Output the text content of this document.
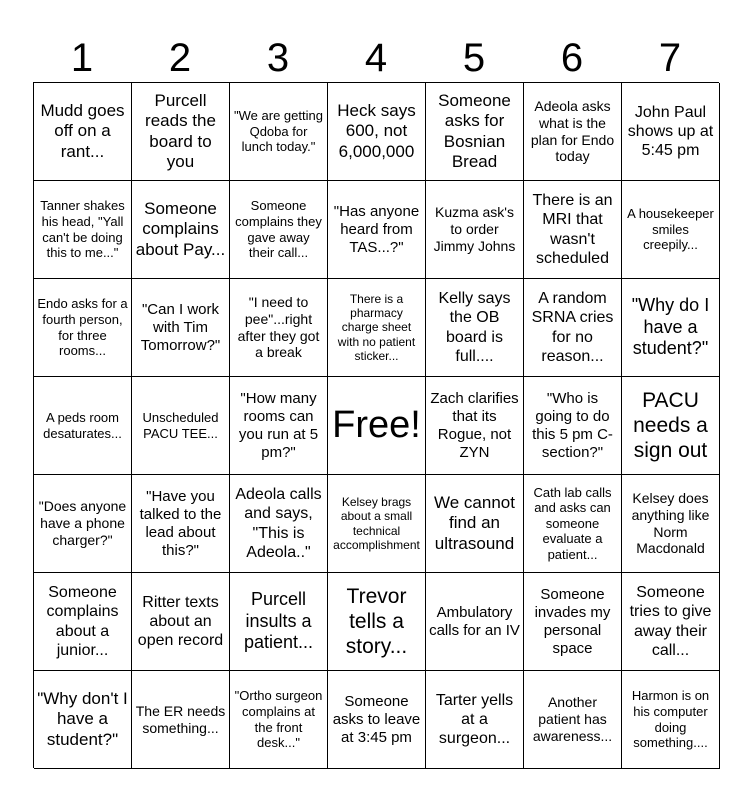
1	2	3	4	5	6	7
Mudd goes off on a rant...
Purcell reads the board to you
"We are getting Qdoba for lunch today."
Heck says 600, not 6,000,000
Someone asks for Bosnian Bread
Adeola asks what is the plan for Endo today
John Paul shows up at 5:45 pm
Tanner shakes his head, "Yall can't be doing this to me..."
Someone complains about Pay...
Someone complains they gave away their call...
"Has anyone heard from TAS...?"
Kuzma ask's to order Jimmy Johns
There is an MRI that wasn't scheduled
A housekeeper smiles creepily...
Endo asks for a fourth person, for three rooms...
"Can I work with Tim Tomorrow?"
"I need to pee"...right after they got a break
There is a pharmacy charge sheet with no patient sticker...
Kelly says the OB board is full....
A random SRNA cries for no reason...
"Why do I have a student?"
A peds room desaturates...
Unscheduled PACU TEE...
"How many rooms can you run at 5 pm?"
Free!
Zach clarifies that its Rogue, not ZYN
"Who is going to do this 5 pm C-section?"
PACU needs a sign out
"Does anyone have a phone charger?"
"Have you talked to the lead about this?"
Adeola calls and says, "This is Adeola.."
Kelsey brags about a small technical accomplishment
We cannot find an ultrasound
Cath lab calls and asks can someone evaluate a patient...
Kelsey does anything like Norm Macdonald
Someone complains about a junior...
Ritter texts about an open record
Purcell insults a patient...
Trevor tells a story...
Ambulatory calls for an IV
Someone invades my personal space
Someone tries to give away their call...
"Why don't I have a student?"
The ER needs something...
"Ortho surgeon complains at the front desk..."
Someone asks to leave at 3:45 pm
Tarter yells at a surgeon...
Another patient has awareness...
Harmon is on his computer doing something....
